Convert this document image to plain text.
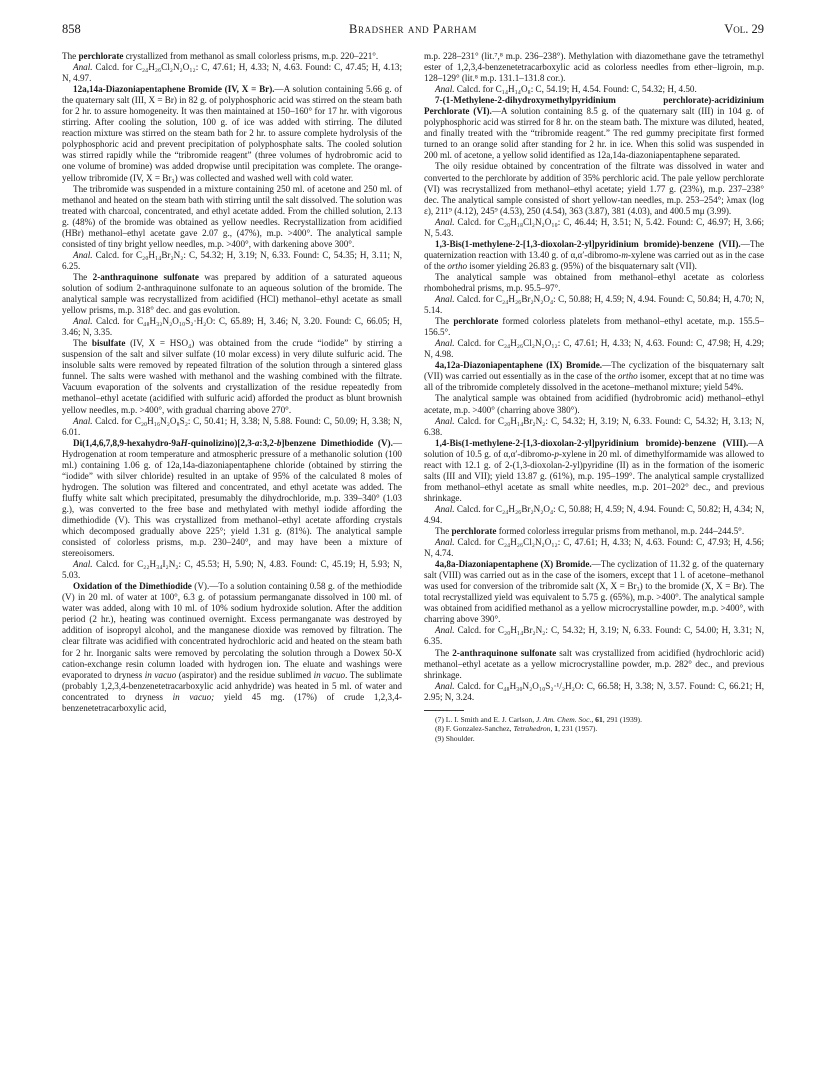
858	Bradsher and Parham	Vol. 29

The perchlorate crystallized from methanol as small colorless prisms, m.p. 220–221°.

Anal. Calcd. for C₂₄H₂₆Cl₂N₂O₁₂: C, 47.61; H, 4.33; N, 4.63. Found: C, 47.45; H, 4.13; N, 4.97.

12a,14a-Diazoniapentaphene Bromide (IV, X = Br).—A solution containing 5.66 g. of the quaternary salt (III, X = Br) in 82 g. of polyphosphoric acid was stirred on the steam bath for 2 hr. to assure homogeneity. It was then maintained at 150–160° for 17 hr. with vigorous stirring. After cooling the solution, 100 g. of ice was added with stirring. The diluted reaction mixture was stirred on the steam bath for 2 hr. to assure complete hydrolysis of the polyphosphoric acid and prevent precipitation of polyphosphate salts. The cooled solution was stirred rapidly while the “tribromide reagent” (three volumes of hydrobromic acid to one volume of bromine) was added dropwise until precipitation was complete. The orange-yellow tribromide (IV, X = Br₃) was collected and washed well with cold water.

The tribromide was suspended in a mixture containing 250 ml. of acetone and 250 ml. of methanol and heated on the steam bath with stirring until the salt dissolved. The solution was treated with charcoal, concentrated, and ethyl acetate added. From the chilled solution, 2.13 g. (48%) of the bromide was obtained as yellow needles. Recrystallization from acidified (HBr) methanol–ethyl acetate gave 2.07 g., (47%), m.p. >400°. The analytical sample consisted of tiny bright yellow needles, m.p. >400°, with darkening above 300°.

Anal. Calcd. for C₂₀H₁₄Br₂N₂: C, 54.32; H, 3.19; N, 6.33. Found: C, 54.35; H, 3.11; N, 6.25.

The 2-anthraquinone sulfonate was prepared by addition of a saturated aqueous solution of sodium 2-anthraquinone sulfonate to an aqueous solution of the bromide. The analytical sample was recrystallized from acidified (HCl) methanol–ethyl acetate as small yellow prisms, m.p. 318° dec. and gas evolution.

Anal. Calcd. for C₄₈H₃₂N₂O₁₀S₂·H₂O: C, 65.89; H, 3.46; N, 3.20. Found: C, 66.05; H, 3.46; N, 3.35.

The bisulfate (IV, X = HSO₄) was obtained from the crude “iodide” by stirring a suspension of the salt and silver sulfate (10 molar excess) in very dilute sulfuric acid. The insoluble salts were removed by repeated filtration of the solution through a sintered glass funnel. The salts were washed with methanol and the washing combined with the filtrate. Vacuum evaporation of the solvents and crystallization of the residue repeatedly from methanol–ethyl acetate (acidified with sulfuric acid) afforded the product as blunt brownish yellow needles, m.p. >400°, with gradual charring above 270°.

Anal. Calcd. for C₂₀H₁₆N₂O₈S₂: C, 50.41; H, 3.38; N, 5.88. Found: C, 50.09; H, 3.38; N, 6.01.

Di(1,4,6,7,8,9-hexahydro-9aH-quinolizino)[2,3-a:3,2-b]benzene Dimethiodide (V).—Hydrogenation at room temperature and atmospheric pressure of a methanolic solution (100 ml.) containing 1.06 g. of 12a,14a-diazoniapentaphene chloride (obtained by stirring the “iodide” with silver chloride) resulted in an uptake of 95% of the calculated 8 moles of hydrogen. The solution was filtered and concentrated, and ethyl acetate was added. The fluffy white salt which precipitated, presumably the dihydrochloride, m.p. 339–340° (1.03 g.), was converted to the free base and methylated with methyl iodide affording the dimethiodide (V). This was crystallized from methanol–ethyl acetate affording crystals which decomposed gradually above 225°; yield 1.31 g. (81%). The analytical sample consisted of colorless prisms, m.p. 230–240°, and may have been a mixture of stereoisomers.

Anal. Calcd. for C₂₂H₃₄I₂N₂: C, 45.53; H, 5.90; N, 4.83. Found: C, 45.19; H, 5.93; N, 5.03.

Oxidation of the Dimethiodide (V).—To a solution containing 0.58 g. of the methiodide (V) in 20 ml. of water at 100°, 6.3 g. of potassium permanganate dissolved in 100 ml. of water was added, along with 10 ml. of 10% sodium hydroxide solution. After the addition period (2 hr.), heating was continued overnight. Excess permanganate was destroyed by addition of isopropyl alcohol, and the manganese dioxide was removed by filtration. The clear filtrate was acidified with concentrated hydrochloric acid and heated on the steam bath for 2 hr. Inorganic salts were removed by percolating the solution through a Dowex 50-X cation-exchange resin column loaded with hydrogen ion. The eluate and washings were evaporated to dryness in vacuo (aspirator) and the residue sublimed in vacuo. The sublimate (probably 1,2,3,4-benzenetetracarboxylic acid anhydride) was heated in 5 ml. of water and concentrated to dryness in vacuo; yield 45 mg. (17%) of crude 1,2,3,4-benzenetetracarboxylic acid,

m.p. 228–231° (lit.⁷,⁸ m.p. 236–238°). Methylation with diazomethane gave the tetramethyl ester of 1,2,3,4-benzenetetracarboxylic acid as colorless needles from ether–ligroin, m.p. 128–129° (lit.⁸ m.p. 131.1–131.8 cor.).

Anal. Calcd. for C₁₄H₁₄O₈: C, 54.19; H, 4.54. Found: C, 54.32; H, 4.50.

7-(1-Methylene-2-dihydroxymethylpyridinium perchlorate)-acridizinium Perchlorate (VI).—A solution containing 8.5 g. of the quaternary salt (III) in 104 g. of polyphosphoric acid was stirred for 8 hr. on the steam bath. The mixture was diluted, heated, and finally treated with the “tribromide reagent.” The red gummy precipitate first formed turned to an orange solid after standing for 2 hr. in ice. When this solid was suspended in 200 ml. of acetone, a yellow solid identified as 12a,14a-diazoniapentaphene separated.

The oily residue obtained by concentration of the filtrate was dissolved in water and converted to the perchlorate by addition of 35% perchloric acid. The pale yellow perchlorate (VI) was recrystallized from methanol–ethyl acetate; yield 1.77 g. (23%), m.p. 237–238° dec. The analytical sample consisted of short yellow-tan needles, m.p. 253–254°; λmax (log ε), 211⁹ (4.12), 245⁹ (4.53), 250 (4.54), 363 (3.87), 381 (4.03), and 400.5 mμ (3.99).

Anal. Calcd. for C₂₀H₁₈Cl₂N₂O₁₀: C, 46.44; H, 3.51; N, 5.42. Found: C, 46.97; H, 3.66; N, 5.43.

1,3-Bis(1-methylene-2-[1,3-dioxolan-2-yl]pyridinium bromide)-benzene (VII).—The quaternization reaction with 13.40 g. of α,α′-dibromo-m-xylene was carried out as in the case of the ortho isomer yielding 26.83 g. (95%) of the bisquaternary salt (VII).

The analytical sample was obtained from methanol–ethyl acetate as colorless rhombohedral prisms, m.p. 95.5–97°.

Anal. Calcd. for C₂₄H₂₆Br₂N₂O₄: C, 50.88; H, 4.59; N, 4.94. Found: C, 50.84; H, 4.70; N, 5.14.

The perchlorate formed colorless platelets from methanol–ethyl acetate, m.p. 155.5–156.5°.

Anal. Calcd. for C₂₄H₂₆Cl₂N₂O₁₂: C, 47.61; H, 4.33; N, 4.63. Found: C, 47.98; H, 4.29; N, 4.98.

4a,12a-Diazoniapentaphene (IX) Bromide.—The cyclization of the bisquaternary salt (VII) was carried out essentially as in the case of the ortho isomer, except that at no time was all of the tribromide completely dissolved in the acetone–methanol mixture; yield 54%.

The analytical sample was obtained from acidified (hydrobromic acid) methanol–ethyl acetate, m.p. >400° (charring above 380°).

Anal. Calcd. for C₂₀H₁₄Br₂N₂: C, 54.32; H, 3.19; N, 6.33. Found: C, 54.32; H, 3.13; N, 6.38.

1,4-Bis(1-methylene-2-[1,3-dioxolan-2-yl]pyridinium bromide)-benzene (VIII).—A solution of 10.5 g. of α,α′-dibromo-p-xylene in 20 ml. of dimethylformamide was allowed to react with 12.1 g. of 2-(1,3-dioxolan-2-yl)pyridine (II) as in the formation of the isomeric salts (III and VII); yield 13.87 g. (61%), m.p. 195–199°. The analytical sample crystallized from methanol–ethyl acetate as small white needles, m.p. 201–202° dec., and previous shrinkage.

Anal. Calcd. for C₂₄H₂₆Br₂N₂O₄: C, 50.88; H, 4.59; N, 4.94. Found: C, 50.82; H, 4.34; N, 4.94.

The perchlorate formed colorless irregular prisms from methanol, m.p. 244–244.5°.

Anal. Calcd. for C₂₄H₂₆Cl₂N₂O₁₂: C, 47.61; H, 4.33; N, 4.63. Found: C, 47.93; H, 4.56; N, 4.74.

4a,8a-Diazoniapentaphene (X) Bromide.—The cyclization of 11.32 g. of the quaternary salt (VIII) was carried out as in the case of the isomers, except that 1 l. of acetone–methanol was used for conversion of the tribromide salt (X, X = Br₃) to the bromide (X, X = Br). The total recrystallized yield was equivalent to 5.75 g. (65%), m.p. >400°. The analytical sample was obtained from acidified methanol as a yellow microcrystalline powder, m.p. >400°, with charring above 390°.

Anal. Calcd. for C₂₀H₁₄Br₂N₂: C, 54.32; H, 3.19; N, 6.33. Found: C, 54.00; H, 3.31; N, 6.35.

The 2-anthraquinone sulfonate salt was crystallized from acidified (hydrochloric acid) methanol–ethyl acetate as a yellow microcrystalline powder, m.p. 282° dec., and previous shrinkage.

Anal. Calcd. for C₄₈H₃₀N₂O₁₀S₂·¹/₂H₂O: C, 66.58; H, 3.38; N, 3.57. Found: C, 66.21; H, 2.95; N, 3.24.

(7) L. I. Smith and E. J. Carlson, J. Am. Chem. Soc., 61, 291 (1939).

(8) F. Gonzalez-Sanchez, Tetrahedron, 1, 231 (1957).

(9) Shoulder.
